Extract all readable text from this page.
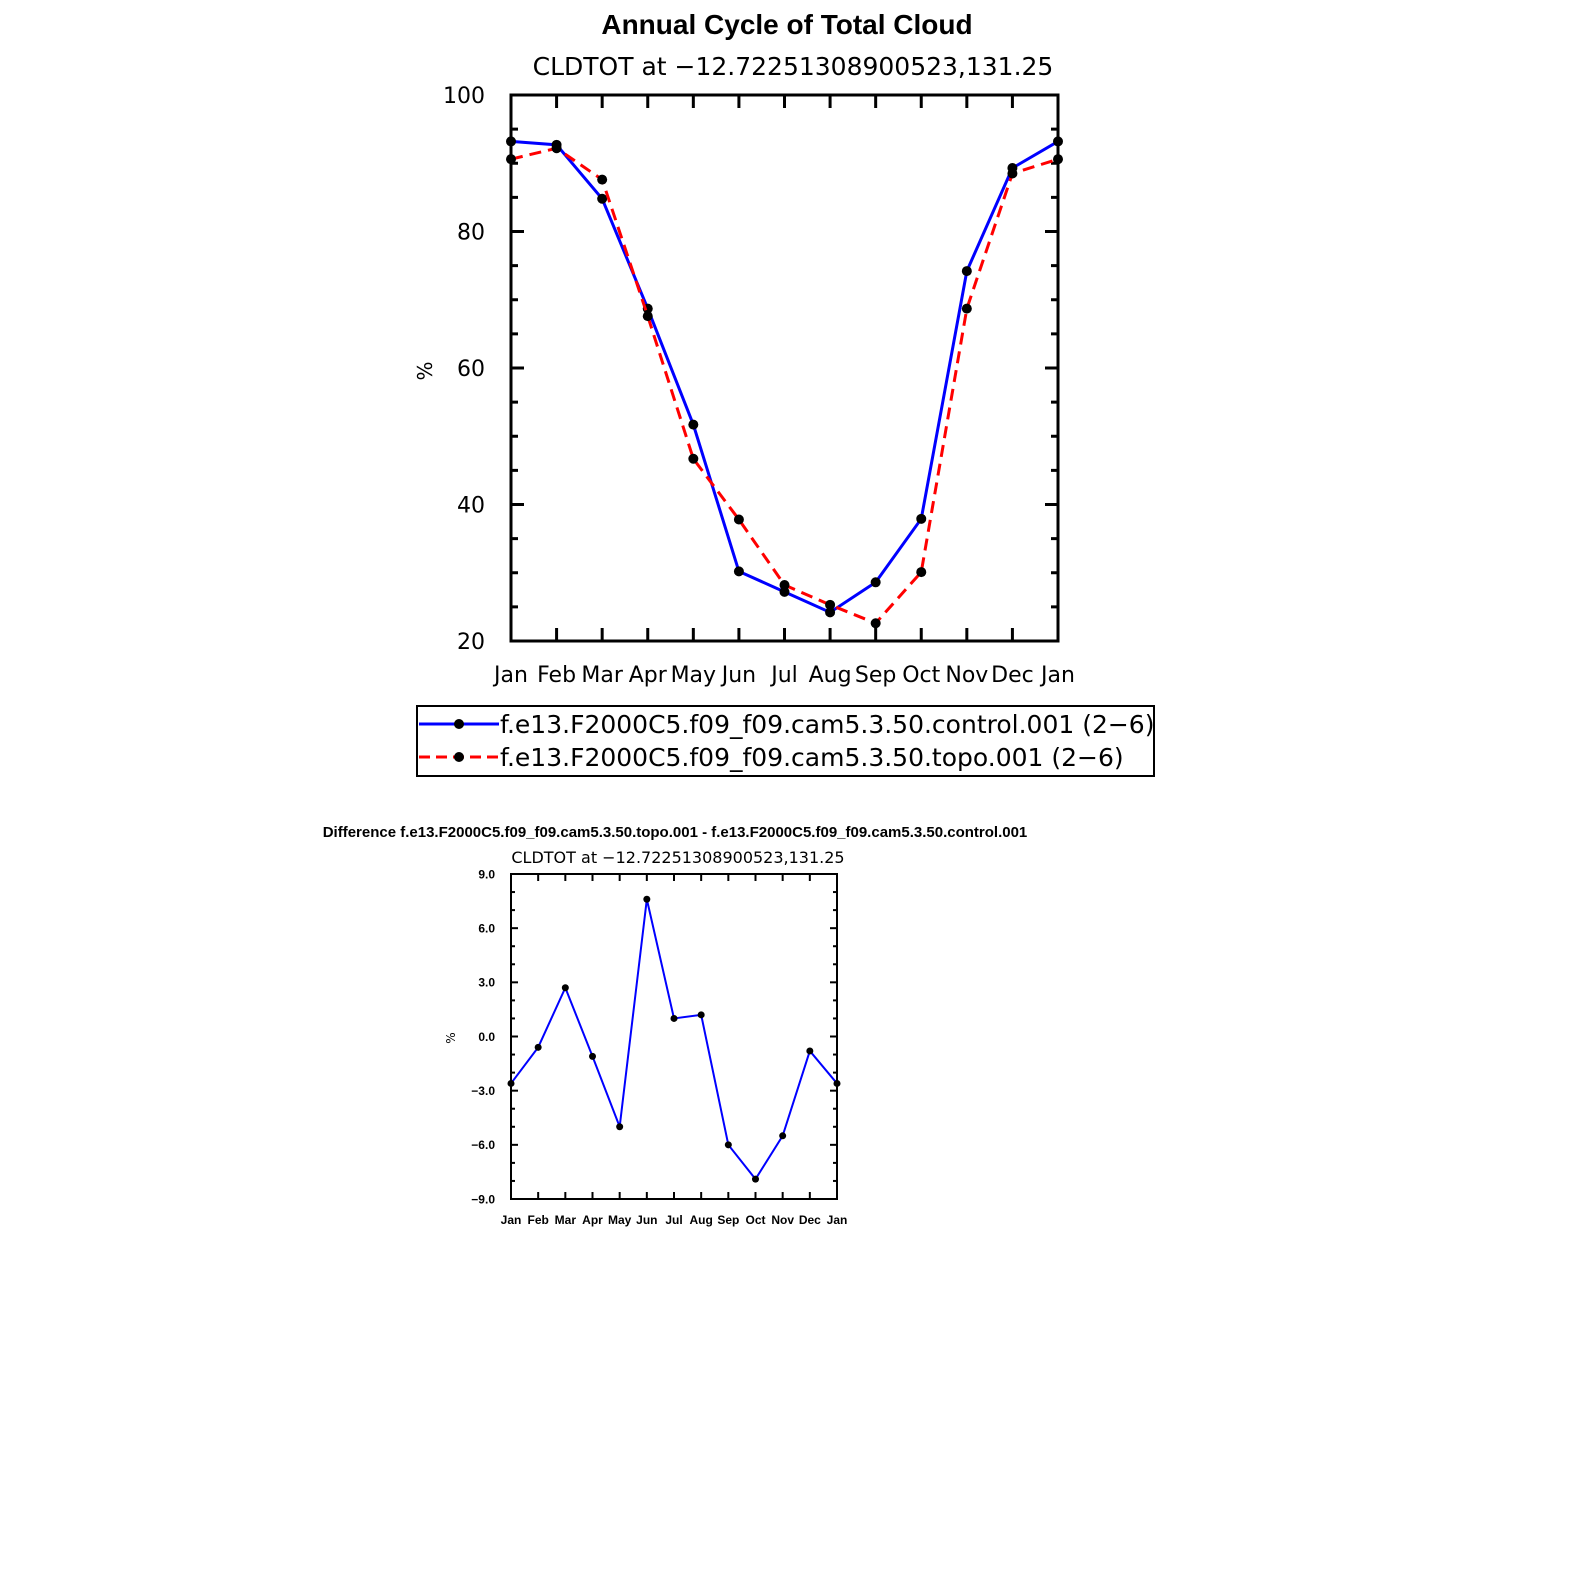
Annual Cycle of Total Cloud
CLDTOT at −12.72251308900523,131.25
%
Jan Feb Mar Apr May Jun Jul Aug Sep Oct Nov Dec Jan
20
40
60
80
100
f.e13.F2000C5.f09_f09.cam5.3.50.control.001 (2−6)
f.e13.F2000C5.f09_f09.cam5.3.50.topo.001 (2−6)
Difference f.e13.F2000C5.f09_f09.cam5.3.50.topo.001 - f.e13.F2000C5.f09_f09.cam5.3.50.control.001
CLDTOT at −12.72251308900523,131.25
%
Jan Feb Mar Apr May Jun Jul Aug Sep Oct Nov Dec Jan
−9.0
−6.0
−3.0
0.0
3.0
6.0
9.0
